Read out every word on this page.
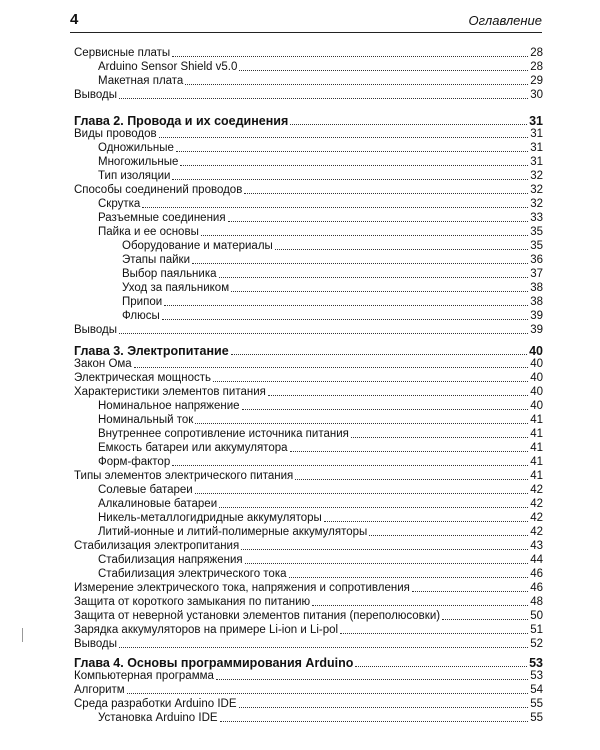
4	Оглавление
Сервисные платы	28
Arduino Sensor Shield v5.0	28
Макетная плата	29
Выводы	30
Глава 2. Провода и их соединения	31
Виды проводов	31
Одножильные	31
Многожильные	31
Тип изоляции	32
Способы соединений проводов	32
Скрутка	32
Разъемные соединения	33
Пайка и ее основы	35
Оборудование и материалы	35
Этапы пайки	36
Выбор паяльника	37
Уход за паяльником	38
Припои	38
Флюсы	39
Выводы	39
Глава 3. Электропитание	40
Закон Ома	40
Электрическая мощность	40
Характеристики элементов питания	40
Номинальное напряжение	40
Номинальный ток	41
Внутреннее сопротивление источника питания	41
Емкость батареи или аккумулятора	41
Форм-фактор	41
Типы элементов электрического питания	41
Солевые батареи	42
Алкалиновые батареи	42
Никель-металлогидридные аккумуляторы	42
Литий-ионные и литий-полимерные аккумуляторы	42
Стабилизация электропитания	43
Стабилизация напряжения	44
Стабилизация электрического тока	46
Измерение электрического тока, напряжения и сопротивления	46
Защита от короткого замыкания по питанию	48
Защита от неверной установки элементов питания (переполюсовки)	50
Зарядка аккумуляторов на примере Li-ion и Li-pol	51
Выводы	52
Глава 4. Основы программирования Arduino	53
Компьютерная программа	53
Алгоритм	54
Среда разработки Arduino IDE	55
Установка Arduino IDE	55
